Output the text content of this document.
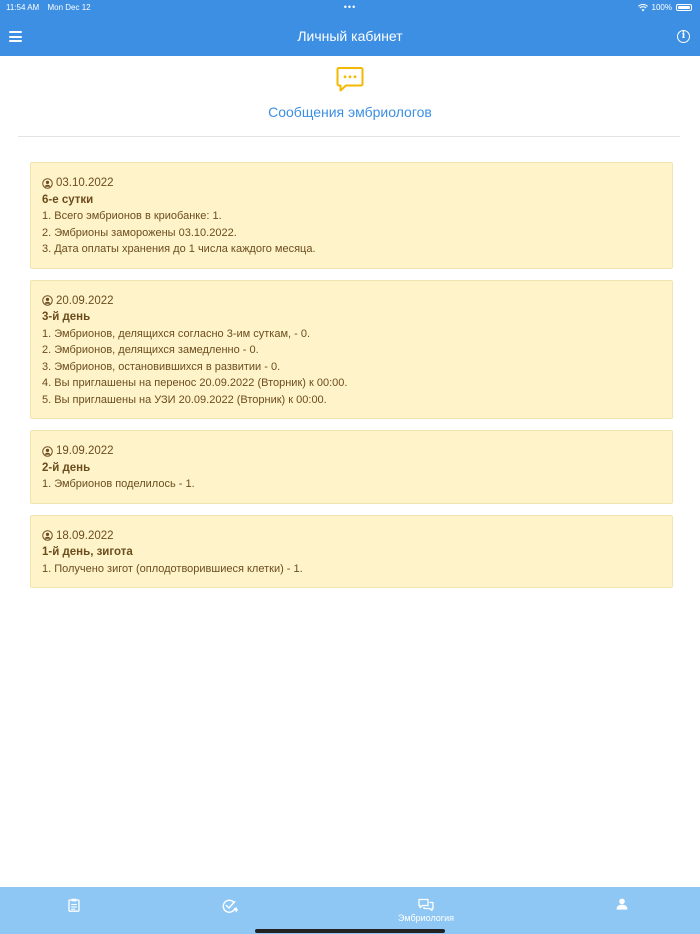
11:54 AM Mon Dec 12	•••	100%
Личный кабинет	i
Сообщения эмбриологов
03.10.2022
6-е сутки
1. Всего эмбрионов в криобанке: 1.
2. Эмбрионы заморожены 03.10.2022.
3. Дата оплаты хранения до 1 числа каждого месяца.
20.09.2022
3-й день
1. Эмбрионов, делящихся согласно 3-им суткам, - 0.
2. Эмбрионов, делящихся замедленно - 0.
3. Эмбрионов, остановившихся в развитии - 0.
4. Вы приглашены на перенос 20.09.2022 (Вторник) к 00:00.
5. Вы приглашены на УЗИ 20.09.2022 (Вторник) к 00:00.
19.09.2022
2-й день
1. Эмбрионов поделилось - 1.
18.09.2022
1-й день, зигота
1. Получено зигот (оплодотворившиеся клетки) - 1.
Эмбриология
